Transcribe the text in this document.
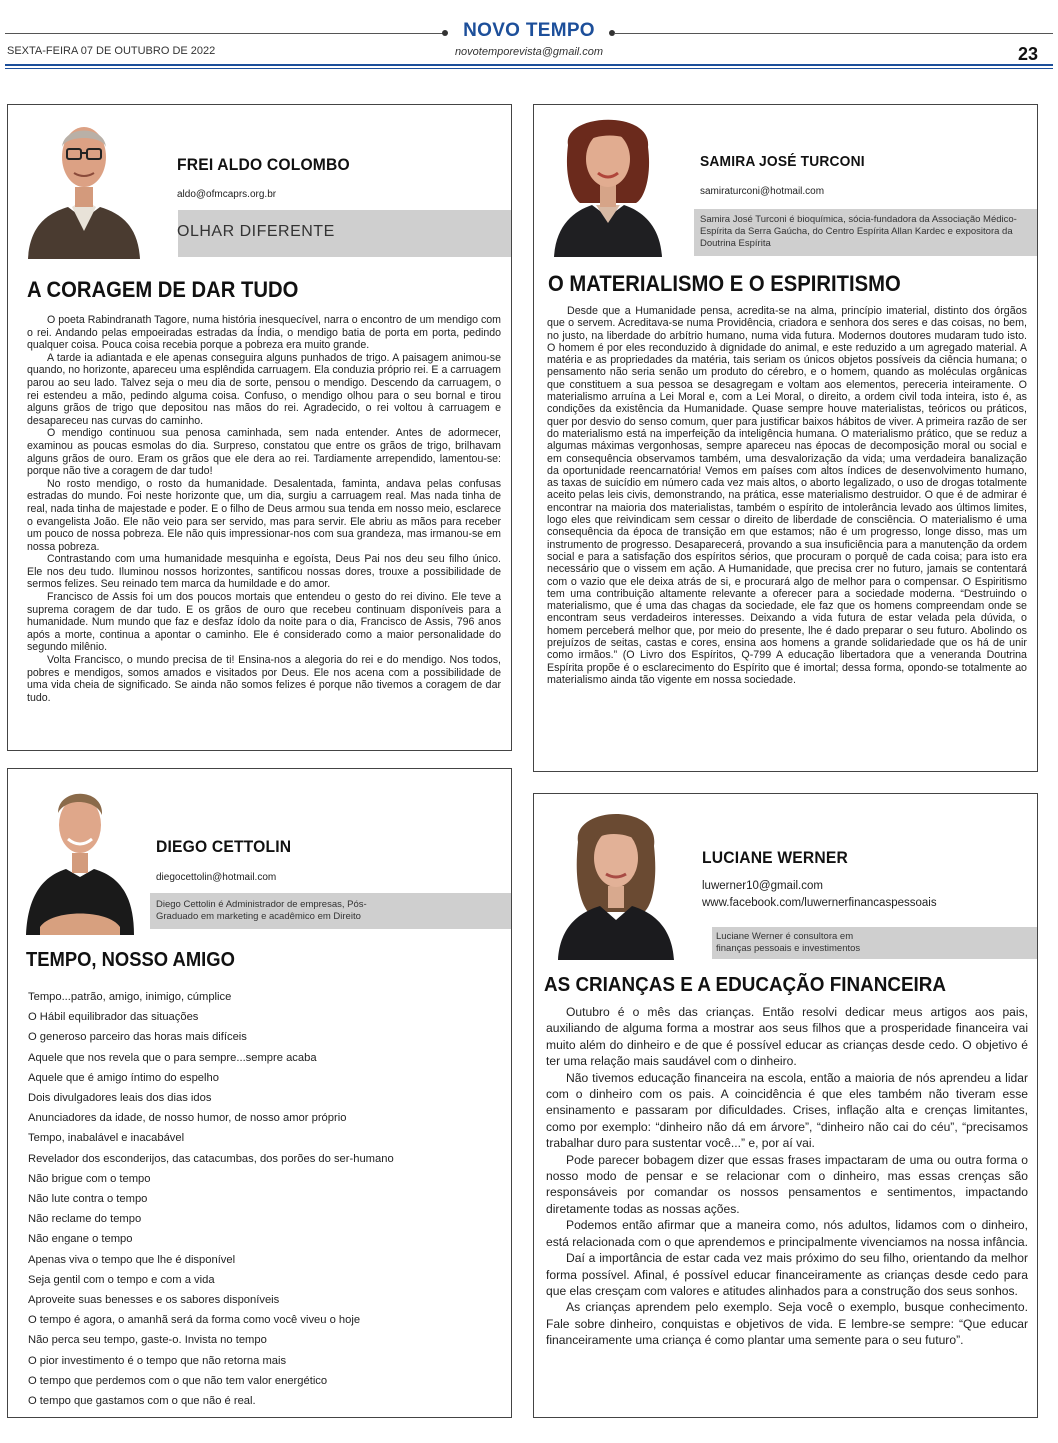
NOVO TEMPO
SEXTA-FEIRA 07 DE OUTUBRO DE 2022	novotemporevista@gmail.com	23
FREI ALDO COLOMBO
aldo@ofmcaprs.org.br
OLHAR DIFERENTE
A CORAGEM DE DAR TUDO

O poeta Rabindranath Tagore, numa história inesquecível, narra o encontro de um mendigo com o rei. Andando pelas empoeiradas estradas da Índia, o mendigo batia de porta em porta, pedindo qualquer coisa. Pouca coisa recebia porque a pobreza era muito grande.

A tarde ia adiantada e ele apenas conseguira alguns punhados de trigo. A paisagem animou-se quando, no horizonte, apareceu uma esplêndida carruagem. Ela conduzia próprio rei. E a carruagem parou ao seu lado. Talvez seja o meu dia de sorte, pensou o mendigo. Descendo da carruagem, o rei estendeu a mão, pedindo alguma coisa. Confuso, o mendigo olhou para o seu bornal e tirou alguns grãos de trigo que depositou nas mãos do rei. Agradecido, o rei voltou à carruagem e desapareceu nas curvas do caminho.

O mendigo continuou sua penosa caminhada, sem nada entender. Antes de adormecer, examinou as poucas esmolas do dia. Surpreso, constatou que entre os grãos de trigo, brilhavam alguns grãos de ouro. Eram os grãos que ele dera ao rei. Tardiamente arrependido, lamentou-se: porque não tive a coragem de dar tudo!

No rosto mendigo, o rosto da humanidade. Desalentada, faminta, andava pelas confusas estradas do mundo. Foi neste horizonte que, um dia, surgiu a carruagem real. Mas nada tinha de real, nada tinha de majestade e poder. E o filho de Deus armou sua tenda em nosso meio, esclarece o evangelista João. Ele não veio para ser servido, mas para servir. Ele abriu as mãos para receber um pouco de nossa pobreza. Ele não quis impressionar-nos com sua grandeza, mas irmanou-se em nossa pobreza.

Contrastando com uma humanidade mesquinha e egoísta, Deus Pai nos deu seu filho único. Ele nos deu tudo. Iluminou nossos horizontes, santificou nossas dores, trouxe a possibilidade de sermos felizes. Seu reinado tem marca da humildade e do amor.

Francisco de Assis foi um dos poucos mortais que entendeu o gesto do rei divino. Ele teve a suprema coragem de dar tudo. E os grãos de ouro que recebeu continuam disponíveis para a humanidade. Num mundo que faz e desfaz ídolo da noite para o dia, Francisco de Assis, 796 anos após a morte, continua a apontar o caminho. Ele é considerado como a maior personalidade do segundo milênio.

Volta Francisco, o mundo precisa de ti! Ensina-nos a alegoria do rei e do mendigo. Nos todos, pobres e mendigos, somos amados e visitados por Deus. Ele nos acena com a possibilidade de uma vida cheia de significado. Se ainda não somos felizes é porque não tivemos a coragem de dar tudo.

SAMIRA JOSÉ TURCONI
samiraturconi@hotmail.com
Samira José Turconi é bioquímica, sócia-fundadora da Associação Médico-Espírita da Serra Gaúcha, do Centro Espírita Allan Kardec e expositora da Doutrina Espírita
O MATERIALISMO E O ESPIRITISMO

Desde que a Humanidade pensa, acredita-se na alma, princípio imaterial, distinto dos órgãos que o servem. Acreditava-se numa Providência, criadora e senhora dos seres e das coisas, no bem, no justo, na liberdade do arbítrio humano, numa vida futura. Modernos doutores mudaram tudo isto. O homem é por eles reconduzido à dignidade do animal, e este reduzido a um agregado material. A matéria e as propriedades da matéria, tais seriam os únicos objetos possíveis da ciência humana; o pensamento não seria senão um produto do cérebro, e o homem, quando as moléculas orgânicas que constituem a sua pessoa se desagregam e voltam aos elementos, pereceria inteiramente. O materialismo arruína a Lei Moral e, com a Lei Moral, o direito, a ordem civil toda inteira, isto é, as condições da existência da Humanidade. Quase sempre houve materialistas, teóricos ou práticos, quer por desvio do senso comum, quer para justificar baixos hábitos de viver. A primeira razão de ser do materialismo está na imperfeição da inteligência humana. O materialismo prático, que se reduz a algumas máximas vergonhosas, sempre apareceu nas épocas de decomposição moral ou social e em consequência observamos também, uma desvalorização da vida; uma verdadeira banalização da oportunidade reencarnatória! Vemos em países com altos índices de desenvolvimento humano, as taxas de suicídio em número cada vez mais altos, o aborto legalizado, o uso de drogas totalmente aceito pelas leis civis, demonstrando, na prática, esse materialismo destruidor. O que é de admirar é encontrar na maioria dos materialistas, também o espírito de intolerância levado aos últimos limites, logo eles que reivindicam sem cessar o direito de liberdade de consciência. O materialismo é uma consequência da época de transição em que estamos; não é um progresso, longe disso, mas um instrumento de progresso. Desaparecerá, provando a sua insuficiência para a manutenção da ordem social e para a satisfação dos espíritos sérios, que procuram o porquê de cada coisa; para isto era necessário que o vissem em ação. A Humanidade, que precisa crer no futuro, jamais se contentará com o vazio que ele deixa atrás de si, e procurará algo de melhor para o compensar. O Espiritismo tem uma contribuição altamente relevante a oferecer para a sociedade moderna. “Destruindo o materialismo, que é uma das chagas da sociedade, ele faz que os homens compreendam onde se encontram seus verdadeiros interesses. Deixando a vida futura de estar velada pela dúvida, o homem perceberá melhor que, por meio do presente, lhe é dado preparar o seu futuro. Abolindo os prejuízos de seitas, castas e cores, ensina aos homens a grande solidariedade que os há de unir como irmãos.” (O Livro dos Espíritos, Q-799 A educação libertadora que a veneranda Doutrina Espírita propõe é o esclarecimento do Espírito que é imortal; dessa forma, opondo-se totalmente ao materialismo ainda tão vigente em nossa sociedade.

DIEGO CETTOLIN
diegocettolin@hotmail.com
Diego Cettolin é Administrador de empresas, Pós-Graduado em marketing e acadêmico em Direito
TEMPO, NOSSO AMIGO
Tempo...patrão, amigo, inimigo, cúmplice
O Hábil equilibrador das situações
O generoso parceiro das horas mais difíceis
Aquele que nos revela que o para sempre...sempre acaba
Aquele que é amigo íntimo do espelho
Dois divulgadores leais dos dias idos
Anunciadores da idade, de nosso humor, de nosso amor próprio
Tempo, inabalável e inacabável
Revelador dos esconderijos, das catacumbas, dos porões do ser-humano
Não brigue com o tempo
Não lute contra o tempo
Não reclame do tempo
Não engane o tempo
Apenas viva o tempo que lhe é disponível
Seja gentil com o tempo e com a vida
Aproveite suas benesses e os sabores disponíveis
O tempo é agora, o amanhã será da forma como você viveu o hoje
Não perca seu tempo, gaste-o. Invista no tempo
O pior investimento é o tempo que não retorna mais
O tempo que perdemos com o que não tem valor energético
O tempo que gastamos com o que não é real.
LUCIANE WERNER
luwerner10@gmail.com
www.facebook.com/luwernerfinancaspessoais
Luciane Werner é consultora em finanças pessoais e investimentos
AS CRIANÇAS E A EDUCAÇÃO FINANCEIRA

Outubro é o mês das crianças. Então resolvi dedicar meus artigos aos pais, auxiliando de alguma forma a mostrar aos seus filhos que a prosperidade financeira vai muito além do dinheiro e de que é possível educar as crianças desde cedo. O objetivo é ter uma relação mais saudável com o dinheiro.

Não tivemos educação financeira na escola, então a maioria de nós aprendeu a lidar com o dinheiro com os pais. A coincidência é que eles também não tiveram esse ensinamento e passaram por dificuldades. Crises, inflação alta e crenças limitantes, como por exemplo: “dinheiro não dá em árvore”, “dinheiro não cai do céu”, “precisamos trabalhar duro para sustentar você...” e, por aí vai.

Pode parecer bobagem dizer que essas frases impactaram de uma ou outra forma o nosso modo de pensar e se relacionar com o dinheiro, mas essas crenças são responsáveis por comandar os nossos pensamentos e sentimentos, impactando diretamente todas as nossas ações.

Podemos então afirmar que a maneira como, nós adultos, lidamos com o dinheiro, está relacionada com o que aprendemos e principalmente vivenciamos na nossa infância.

Daí a importância de estar cada vez mais próximo do seu filho, orientando da melhor forma possível. Afinal, é possível educar financeiramente as crianças desde cedo para que elas cresçam com valores e atitudes alinhados para a construção dos seus sonhos.

As crianças aprendem pelo exemplo. Seja você o exemplo, busque conhecimento. Fale sobre dinheiro, conquistas e objetivos de vida. E lembre-se sempre: “Que educar financeiramente uma criança é como plantar uma semente para o seu futuro”.
